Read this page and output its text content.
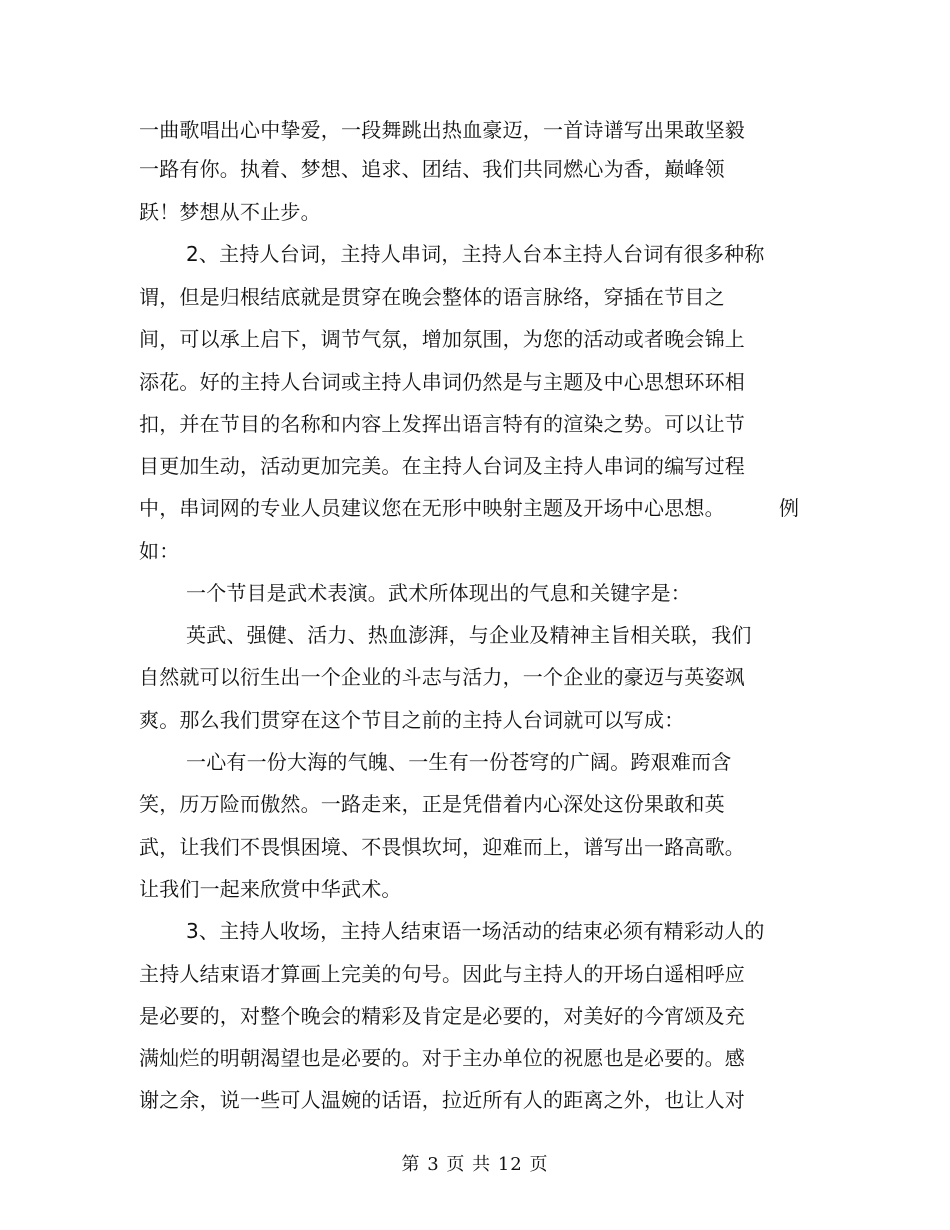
一曲歌唱出心中挚爱，一段舞跳出热血豪迈，一首诗谱写出果敢坚毅
一路有你。执着、梦想、追求、团结、我们共同燃心为香，巅峰领
跃！梦想从不止步。
2、主持人台词，主持人串词，主持人台本主持人台词有很多种称
谓，但是归根结底就是贯穿在晚会整体的语言脉络，穿插在节目之
间，可以承上启下，调节气氛，增加氛围，为您的活动或者晚会锦上
添花。好的主持人台词或主持人串词仍然是与主题及中心思想环环相
扣，并在节目的名称和内容上发挥出语言特有的渲染之势。可以让节
目更加生动，活动更加完美。在主持人台词及主持人串词的编写过程
中，串词网的专业人员建议您在无形中映射主题及开场中心思想。	例
如：
一个节目是武术表演。武术所体现出的气息和关键字是：
英武、强健、活力、热血澎湃，与企业及精神主旨相关联，我们
自然就可以衍生出一个企业的斗志与活力，一个企业的豪迈与英姿飒
爽。那么我们贯穿在这个节目之前的主持人台词就可以写成：
一心有一份大海的气魄、一生有一份苍穹的广阔。跨艰难而含
笑，历万险而傲然。一路走来，正是凭借着内心深处这份果敢和英
武，让我们不畏惧困境、不畏惧坎坷，迎难而上，谱写出一路高歌。
让我们一起来欣赏中华武术。
3、主持人收场，主持人结束语一场活动的结束必须有精彩动人的
主持人结束语才算画上完美的句号。因此与主持人的开场白遥相呼应
是必要的，对整个晚会的精彩及肯定是必要的，对美好的今宵颂及充
满灿烂的明朝渴望也是必要的。对于主办单位的祝愿也是必要的。感
谢之余，说一些可人温婉的话语，拉近所有人的距离之外，也让人对
第 3 页 共 12 页
